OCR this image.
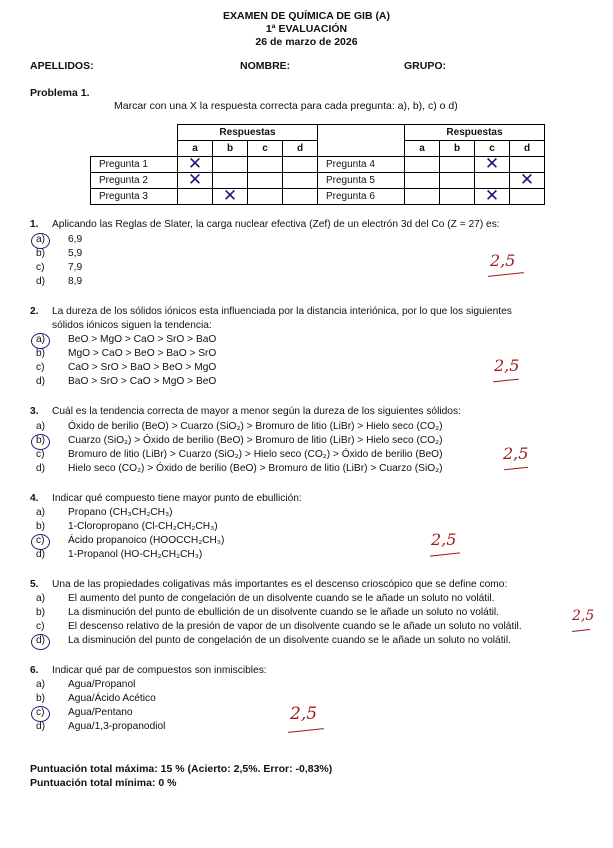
EXAMEN DE QUÍMICA DE GIB (A)
1ª EVALUACIÓN
26 de marzo de 2026
APELLIDOS:	NOMBRE:	GRUPO:
Problema 1.
Marcar con una X la respuesta correcta para cada pregunta: a), b), c) o d)
	Respuestas					Respuestas			
	a	b	c	d		a	b	c	d
Pregunta 1	✕				Pregunta 4			✕	
Pregunta 2	✕				Pregunta 5				✕
Pregunta 3		✕			Pregunta 6			✕	
1. Aplicando las Reglas de Slater, la carga nuclear efectiva (Zef) de un electrón 3d del Co (Z = 27) es:
a) 6,9
b) 5,9
c) 7,9
d) 8,9
2,5
2. La dureza de los sólidos iónicos esta influenciada por la distancia interiónica, por lo que los siguientes
sólidos iónicos siguen la tendencia:
a) BeO > MgO > CaO > SrO > BaO
b) MgO > CaO > BeO > BaO > SrO
c) CaO > SrO > BaO > BeO > MgO
d) BaO > SrO > CaO > MgO > BeO
2,5
3. Cuál es la tendencia correcta de mayor a menor según la dureza de los siguientes sólidos:
a) Óxido de berilio (BeO) > Cuarzo (SiO₂) > Bromuro de litio (LiBr) > Hielo seco (CO₂)
b) Cuarzo (SiO₂) > Óxido de berilio (BeO) > Bromuro de litio (LiBr) > Hielo seco (CO₂)
c) Bromuro de litio (LiBr) > Cuarzo (SiO₂) > Hielo seco (CO₂) > Óxido de berilio (BeO)
d) Hielo seco (CO₂) > Óxido de berilio (BeO) > Bromuro de litio (LiBr) > Cuarzo (SiO₂)
2,5
4. Indicar qué compuesto tiene mayor punto de ebullición:
a) Propano (CH₃CH₂CH₃)
b) 1-Cloropropano (Cl-CH₂CH₂CH₃)
c) Ácido propanoico (HOOCCH₂CH₃)
d) 1-Propanol (HO-CH₂CH₂CH₃)
2,5
5. Una de las propiedades coligativas más importantes es el descenso crioscópico que se define como:
a) El aumento del punto de congelación de un disolvente cuando se le añade un soluto no volátil.
b) La disminución del punto de ebullición de un disolvente cuando se le añade un soluto no volátil.
c) El descenso relativo de la presión de vapor de un disolvente cuando se le añade un soluto no volátil.
d) La disminución del punto de congelación de un disolvente cuando se le añade un soluto no volátil.
2,5
6. Indicar qué par de compuestos son inmiscibles:
a) Agua/Propanol
b) Agua/Ácido Acético
c) Agua/Pentano
d) Agua/1,3-propanodiol
2,5
Puntuación total máxima: 15 % (Acierto: 2,5%. Error: -0,83%)
Puntuación total mínima: 0 %
